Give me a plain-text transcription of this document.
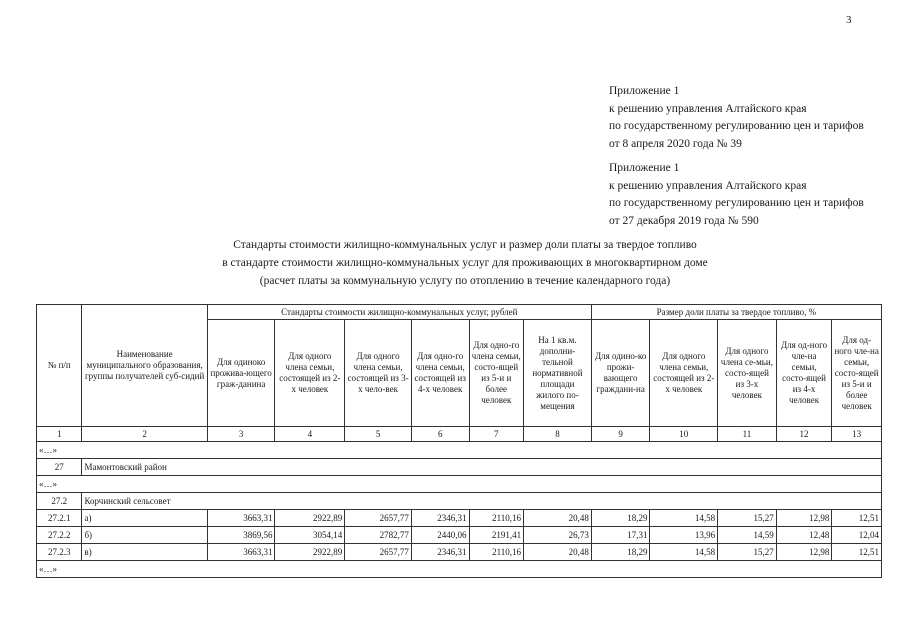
3
Приложение 1
к решению управления Алтайского края
по государственному регулированию цен и тарифов
от 8 апреля 2020 года № 39
Приложение 1
к решению управления Алтайского края
по государственному регулированию цен и тарифов
от 27 декабря 2019 года № 590
Стандарты стоимости жилищно-коммунальных услуг и размер доли платы за твердое топливо
в стандарте стоимости жилищно-коммунальных услуг для проживающих в многоквартирном доме
(расчет платы за коммунальную услугу по отоплению в течение календарного года)
№ п/п	Наименование муниципального образования, группы получателей суб-сидий	Стандарты стоимости жилищно-коммунальных услуг, рублей						Размер доли платы за твердое топливо, %				
		Для одиноко прожива-ющего граж-данина	Для одного члена семьи, состоящей из 2-х человек	Для одного члена семьи, состоящей из 3-х чело-век	Для одно-го члена семьи, состоящей из 4-х человек	Для одно-го члена семьи, состо-ящей из 5-и и более человек	На 1 кв.м. дополни-тельной нормативной площади жилого по-мещения	Для одино-ко прожи-вающего граждани-на	Для одного члена семьи, состоящей из 2-х человек	Для одного члена се-мьи, состо-ящей из 3-х человек	Для од-ного чле-на семьи, состо-ящей из 4-х человек	Для од-ного чле-на семьи, состо-ящей из 5-и и более человек
1	2	3	4	5	6	7	8	9	10	11	12	13
«…»												
27	Мамонтовский район											
«…»												
27.2	Корчинский сельсовет											
27.2.1	а)	3663,31	2922,89	2657,77	2346,31	2110,16	20,48	18,29	14,58	15,27	12,98	12,51
27.2.2	б)	3869,56	3054,14	2782,77	2440,06	2191,41	26,73	17,31	13,96	14,59	12,48	12,04
27.2.3	в)	3663,31	2922,89	2657,77	2346,31	2110,16	20,48	18,29	14,58	15,27	12,98	12,51
«…»												
